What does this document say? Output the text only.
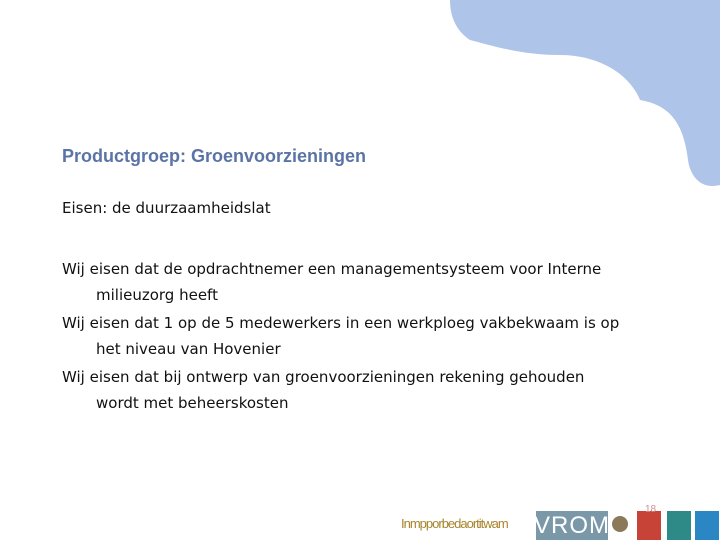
Productgroep: Groenvoorzieningen
Eisen: de duurzaamheidslat
Wij eisen dat de opdrachtnemer een managementsysteem voor Interne milieuzorg heeft
Wij eisen dat 1 op de 5 medewerkers in een werkploeg vakbekwaam is op het niveau van Hovenier
Wij eisen dat bij ontwerp van groenvoorzieningen rekening gehouden wordt met beheerskosten
Inmpporbedaortitwam VROM
18
